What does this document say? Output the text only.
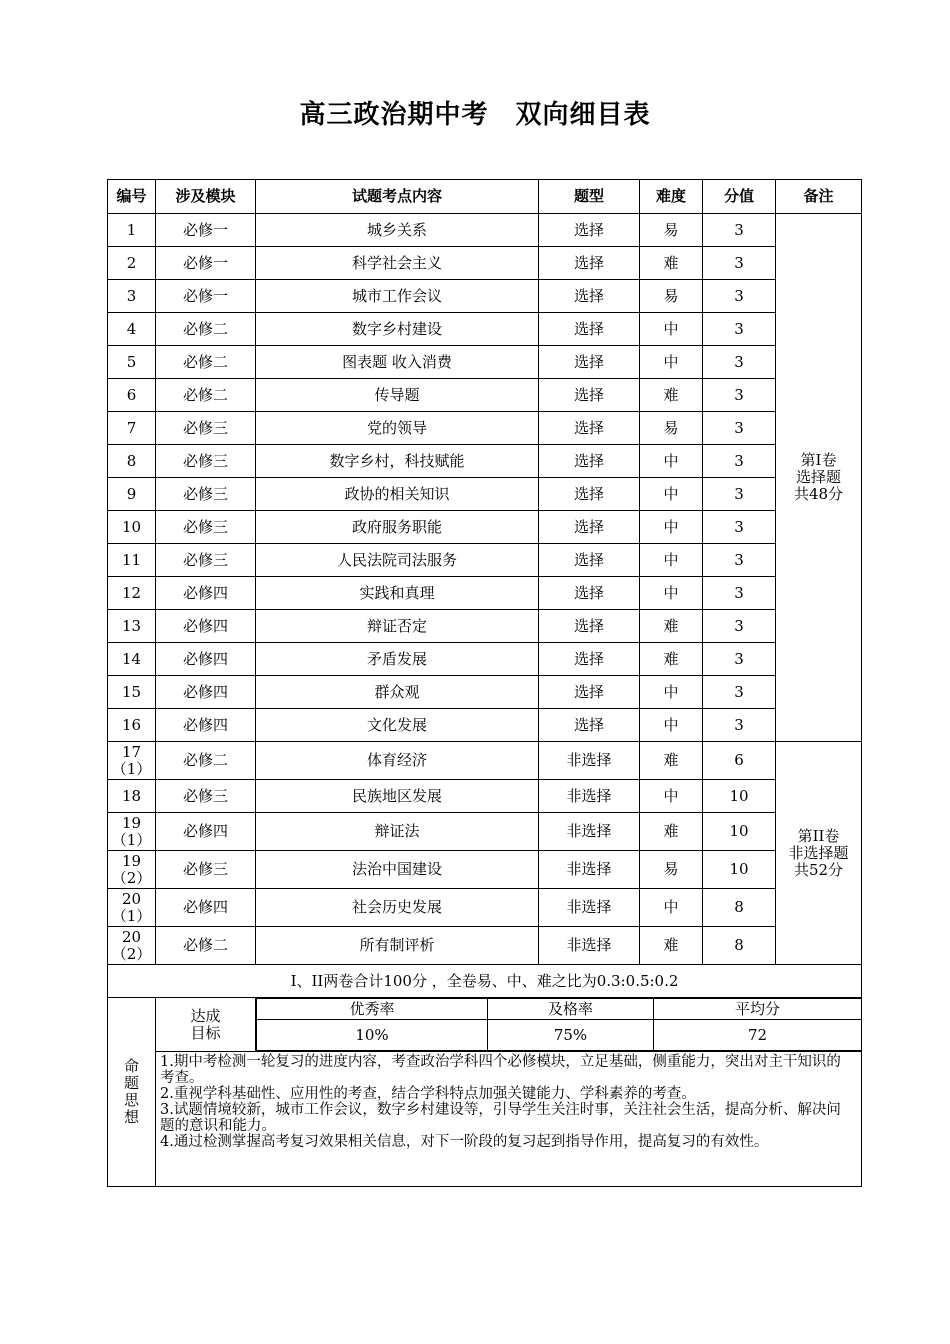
高三政治期中考　双向细目表
编号	涉及模块	试题考点内容	题型	难度	分值	备注
1	必修一	城乡关系	选择	易	3	
第Ⅰ卷
选择题
共48分

2	必修一	科学社会主义	选择	难	3
3	必修一	城市工作会议	选择	易	3
4	必修二	数字乡村建设	选择	中	3
5	必修二	图表题 收入消费	选择	中	3
6	必修二	传导题	选择	难	3
7	必修三	党的领导	选择	易	3
8	必修三	数字乡村，科技赋能	选择	中	3
9	必修三	政协的相关知识	选择	中	3
10	必修三	政府服务职能	选择	中	3
11	必修三	人民法院司法服务	选择	中	3
12	必修四	实践和真理	选择	中	3
13	必修四	辩证否定	选择	难	3
14	必修四	矛盾发展	选择	难	3
15	必修四	群众观	选择	中	3
16	必修四	文化发展	选择	中	3
17（1）	必修二	体育经济	非选择	难	6	
第II卷
非选择题
共52分

18	必修三	民族地区发展	非选择	中	10
19（1）	必修四	辩证法	非选择	难	10
19（2）	必修三	法治中国建设	非选择	易	10
20（1）	必修四	社会历史发展	非选择	中	8
20（2）	必修二	所有制评析	非选择	难	8
Ⅰ、II两卷合计100分 ，全卷易、中、难之比为0.3:0.5:0.2

命
题
思
想

达成
目标

优秀率	及格率	平均分
10%	75%	72

1.期中考检测一轮复习的进度内容，考查政治学科四个必修模块，立足基础，侧重能力，突出对主干知识的考查。
2.重视学科基础性、应用性的考查，结合学科特点加强关键能力、学科素养的考查。
3.试题情境较新，城市工作会议，数字乡村建设等，引导学生关注时事，关注社会生活，提高分析、解决问题的意识和能力。
4.通过检测掌握高考复习效果相关信息，对下一阶段的复习起到指导作用，提高复习的有效性。
